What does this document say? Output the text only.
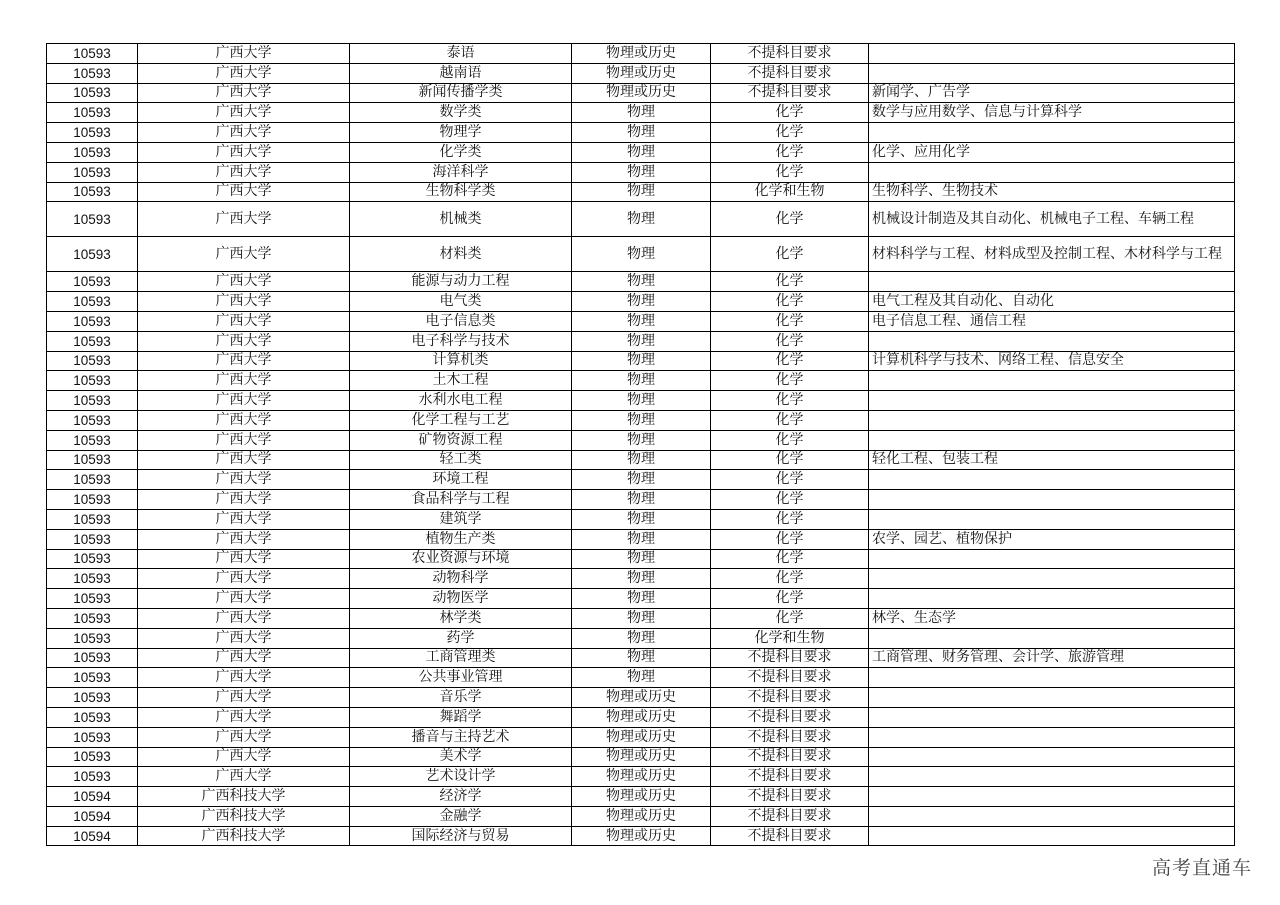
10593	广西大学	泰语	物理或历史	不提科目要求	
10593	广西大学	越南语	物理或历史	不提科目要求	
10593	广西大学	新闻传播学类	物理或历史	不提科目要求	新闻学、广告学
10593	广西大学	数学类	物理	化学	数学与应用数学、信息与计算科学
10593	广西大学	物理学	物理	化学	
10593	广西大学	化学类	物理	化学	化学、应用化学
10593	广西大学	海洋科学	物理	化学	
10593	广西大学	生物科学类	物理	化学和生物	生物科学、生物技术
10593	广西大学	机械类	物理	化学	机械设计制造及其自动化、机械电子工程、车辆工程
10593	广西大学	材料类	物理	化学	材料科学与工程、材料成型及控制工程、木材科学与工程
10593	广西大学	能源与动力工程	物理	化学	
10593	广西大学	电气类	物理	化学	电气工程及其自动化、自动化
10593	广西大学	电子信息类	物理	化学	电子信息工程、通信工程
10593	广西大学	电子科学与技术	物理	化学	
10593	广西大学	计算机类	物理	化学	计算机科学与技术、网络工程、信息安全
10593	广西大学	土木工程	物理	化学	
10593	广西大学	水利水电工程	物理	化学	
10593	广西大学	化学工程与工艺	物理	化学	
10593	广西大学	矿物资源工程	物理	化学	
10593	广西大学	轻工类	物理	化学	轻化工程、包装工程
10593	广西大学	环境工程	物理	化学	
10593	广西大学	食品科学与工程	物理	化学	
10593	广西大学	建筑学	物理	化学	
10593	广西大学	植物生产类	物理	化学	农学、园艺、植物保护
10593	广西大学	农业资源与环境	物理	化学	
10593	广西大学	动物科学	物理	化学	
10593	广西大学	动物医学	物理	化学	
10593	广西大学	林学类	物理	化学	林学、生态学
10593	广西大学	药学	物理	化学和生物	
10593	广西大学	工商管理类	物理	不提科目要求	工商管理、财务管理、会计学、旅游管理
10593	广西大学	公共事业管理	物理	不提科目要求	
10593	广西大学	音乐学	物理或历史	不提科目要求	
10593	广西大学	舞蹈学	物理或历史	不提科目要求	
10593	广西大学	播音与主持艺术	物理或历史	不提科目要求	
10593	广西大学	美术学	物理或历史	不提科目要求	
10593	广西大学	艺术设计学	物理或历史	不提科目要求	
10594	广西科技大学	经济学	物理或历史	不提科目要求	
10594	广西科技大学	金融学	物理或历史	不提科目要求	
10594	广西科技大学	国际经济与贸易	物理或历史	不提科目要求	
高考直通车
